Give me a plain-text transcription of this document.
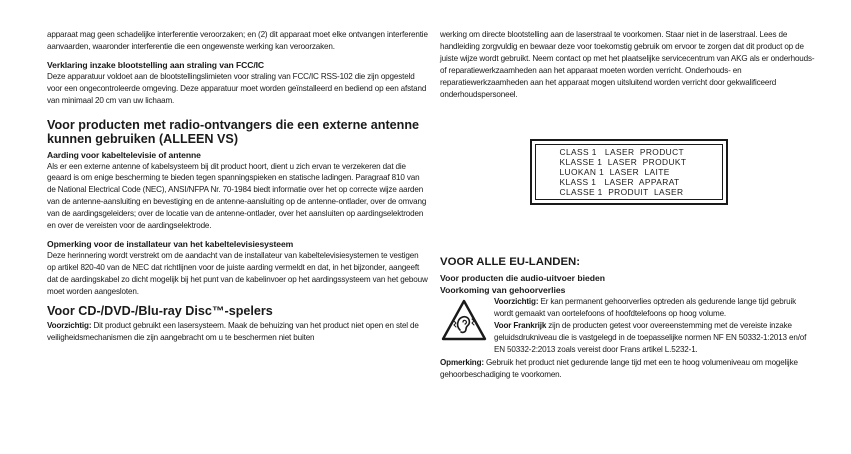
apparaat mag geen schadelijke interferentie veroorzaken; en (2) dit apparaat moet elke ontvangen interferentie aanvaarden, waaronder interferentie die een ongewenste werking kan veroorzaken.

Verklaring inzake blootstelling aan straling van FCC/IC

Deze apparatuur voldoet aan de blootstellingslimieten voor straling van FCC/IC RSS-102 die zijn opgesteld voor een ongecontroleerde omgeving. Deze apparatuur moet worden geïnstalleerd en bediend op een afstand van minimaal 20 cm van uw lichaam.

Voor producten met radio-ontvangers die een externe antenne kunnen gebruiken (ALLEEN VS)
Aarding voor kabeltelevisie of antenne

Als er een externe antenne of kabelsysteem bij dit product hoort, dient u zich ervan te verzekeren dat die geaard is om enige bescherming te bieden tegen spanningspieken en statische ladingen. Paragraaf 810 van de National Electrical Code (NEC), ANSI/NFPA Nr. 70-1984 biedt informatie over het op correcte wijze aarden van de antenne-aansluiting en bevestiging en de antenne-aansluiting op de antenne-ontlader, over de omvang van de aardingsgeleiders; over de locatie van de antenne-ontlader, over het aansluiten op aardingselektroden en over de vereisten voor de aardingselektrode.

Opmerking voor de installateur van het kabeltelevisiesysteem

Deze herinnering wordt verstrekt om de aandacht van de installateur van kabeltelevisiesystemen te vestigen op artikel 820-40 van de NEC dat richtlijnen voor de juiste aarding vermeldt en dat, in het bijzonder, aangeeft dat de aardingskabel zo dicht mogelijk bij het punt van de kabelinvoer op het aardingssysteem van het gebouw moet worden aangesloten.

Voor CD-/DVD-/Blu-ray Disc™-spelers

Voorzichtig: Dit product gebruikt een lasersysteem. Maak de behuizing van het product niet open en stel de veiligheidsmechanismen die zijn aangebracht om u te beschermen niet buiten

werking om directe blootstelling aan de laserstraal te voorkomen. Staar niet in de laserstraal. Lees de handleiding zorgvuldig en bewaar deze voor toekomstig gebruik om ervoor te zorgen dat dit product op de juiste wijze wordt gebruikt. Neem contact op met het plaatselijke servicecentrum van AKG als er onderhouds- of reparatiewerkzaamheden aan het apparaat moeten worden verricht. Onderhouds- en reparatiewerkzaamheden aan het apparaat mogen uitsluitend worden verricht door gekwalificeerd onderhoudspersoneel.

CLASS 1   LASER  PRODUCT
KLASSE 1  LASER  PRODUKT
LUOKAN 1  LASER  LAITE
KLASS 1   LASER  APPARAT
CLASSE 1  PRODUIT  LASER
VOOR ALLE EU-LANDEN:
Voor producten die audio-uitvoer bieden
Voorkoming van gehoorverlies

Voorzichtig: Er kan permanent gehoorverlies optreden als gedurende lange tijd gebruik wordt gemaakt van oortelefoons of hoofdtelefoons op hoog volume.

Voor Frankrijk zijn de producten getest voor overeenstemming met de vereiste inzake geluidsdrukniveau die is vastgelegd in de toepasselijke normen NF EN 50332-1:2013 en/of EN 50332-2:2013 zoals vereist door Frans artikel L.5232-1.

Opmerking: Gebruik het product niet gedurende lange tijd met een te hoog volumeniveau om mogelijke gehoorbeschadiging te voorkomen.
